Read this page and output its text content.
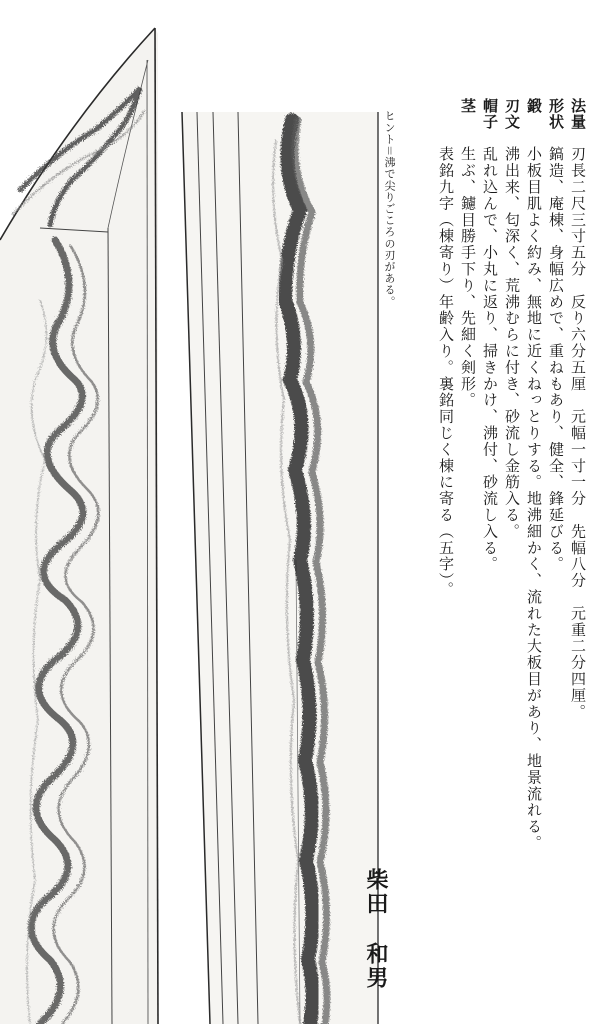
法量
形状
鍛
刃文
帽子
茎
刃長二尺三寸五分　反り六分五厘　元幅一寸一分　先幅八分　元重二分四厘。
鎬造、庵棟、身幅広めで、重ねもあり、健全、鋒延びる。
小板目肌よく約み、無地に近くねっとりする。地沸細かく、流れた大板目があり、地景流れる。
沸出来、匂深く、荒沸むらに付き、砂流し金筋入る。
乱れ込んで、小丸に返り、掃きかけ、沸付、砂流し入る。
生ぶ、鑢目勝手下り、先細く剣形。
表銘九字（棟寄り）年齢入り。裏銘同じく棟に寄る（五字）。
ヒント＝沸で尖りごころの刃がある。
柴田
和男
